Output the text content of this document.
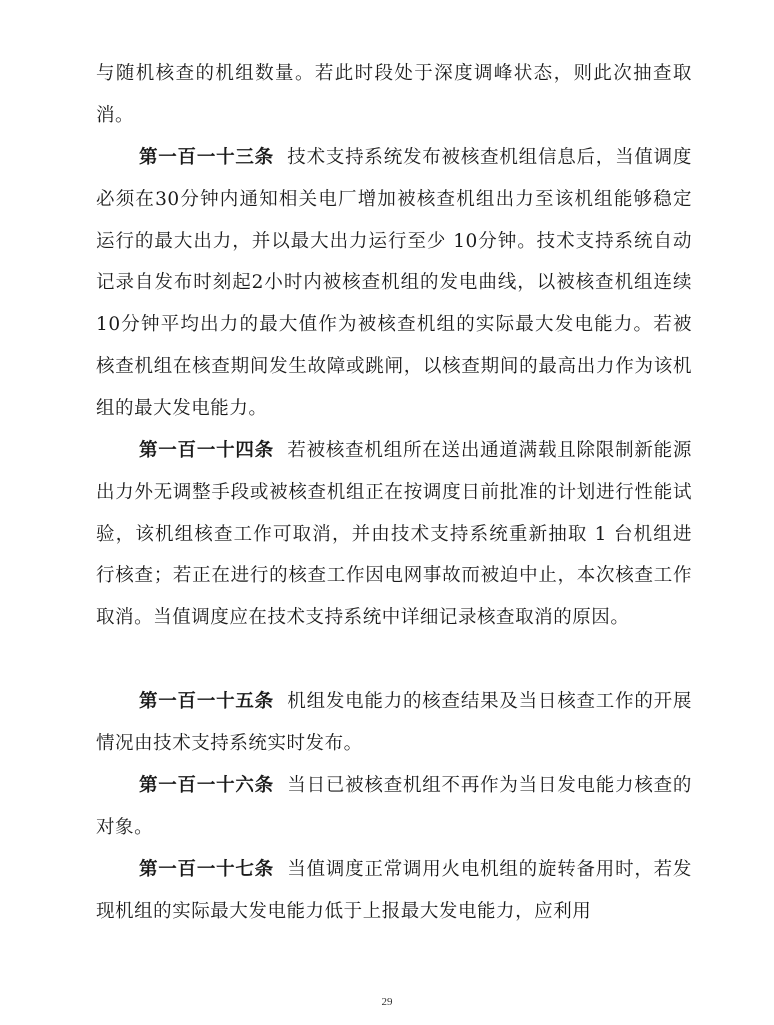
与随机核查的机组数量。若此时段处于深度调峰状态，则此次抽查取消。

第一百一十三条 技术支持系统发布被核查机组信息后，当值调度必须在30分钟内通知相关电厂增加被核查机组出力至该机组能够稳定运行的最大出力，并以最大出力运行至少 10分钟。技术支持系统自动记录自发布时刻起2小时内被核查机组的发电曲线，以被核查机组连续10分钟平均出力的最大值作为被核查机组的实际最大发电能力。若被核查机组在核查期间发生故障或跳闸，以核查期间的最高出力作为该机组的最大发电能力。

第一百一十四条 若被核查机组所在送出通道满载且除限制新能源出力外无调整手段或被核查机组正在按调度日前批准的计划进行性能试验，该机组核查工作可取消，并由技术支持系统重新抽取 1 台机组进行核查；若正在进行的核查工作因电网事故而被迫中止，本次核查工作取消。当值调度应在技术支持系统中详细记录核查取消的原因。

第一百一十五条 机组发电能力的核查结果及当日核查工作的开展情况由技术支持系统实时发布。

第一百一十六条 当日已被核查机组不再作为当日发电能力核查的对象。

第一百一十七条 当值调度正常调用火电机组的旋转备用时，若发现机组的实际最大发电能力低于上报最大发电能力，应利用

29
